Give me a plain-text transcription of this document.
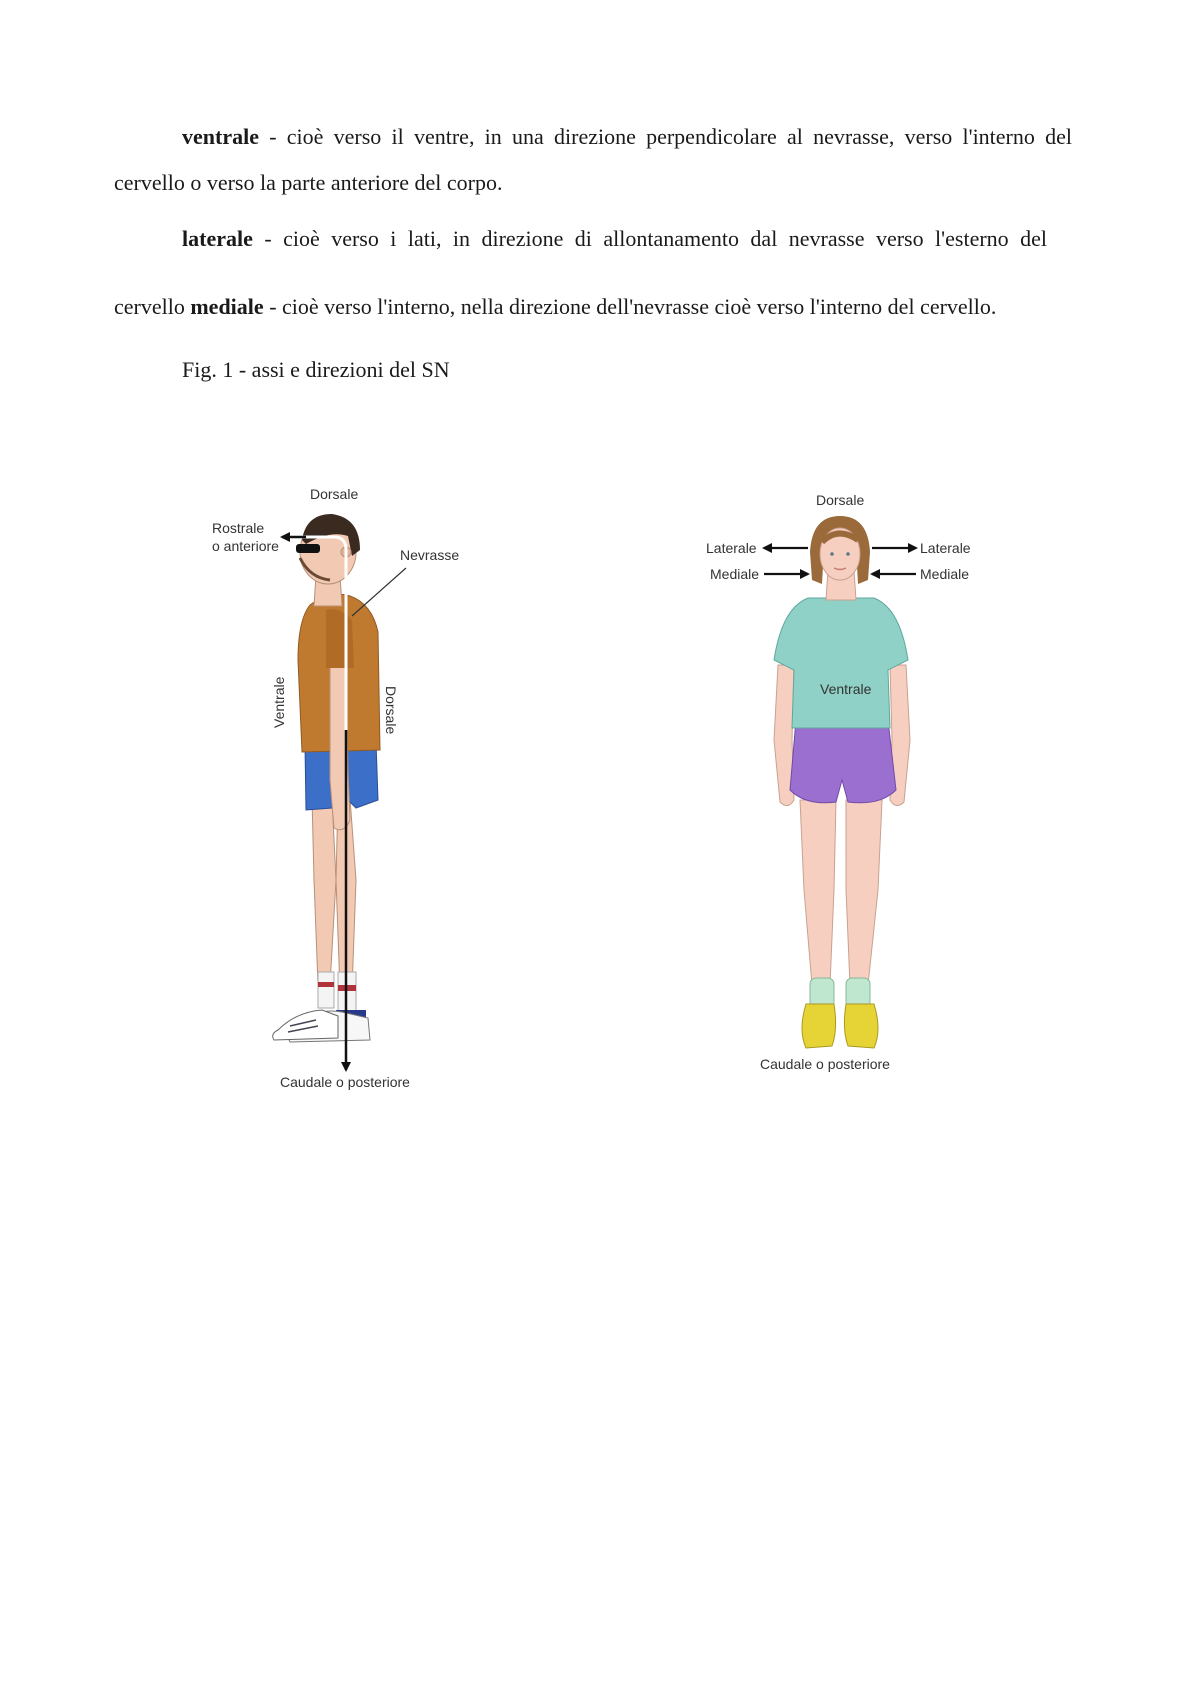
ventrale - cioè verso il ventre, in una direzione perpendicolare al nevrasse, verso l'interno del

cervello o verso la parte anteriore del corpo.

laterale - cioè verso i lati, in direzione di allontanamento dal nevrasse verso l'esterno del

cervello mediale - cioè verso l'interno, nella direzione dell'nevrasse cioè verso l'interno del cervello.

Fig. 1 - assi e direzioni del SN

Dorsale
Rostrale
o anteriore
Nevrasse
Ventrale	Dorsale
Caudale o posteriore
Dorsale
Laterale	Laterale
Mediale	Mediale
Ventrale
Caudale o posteriore
